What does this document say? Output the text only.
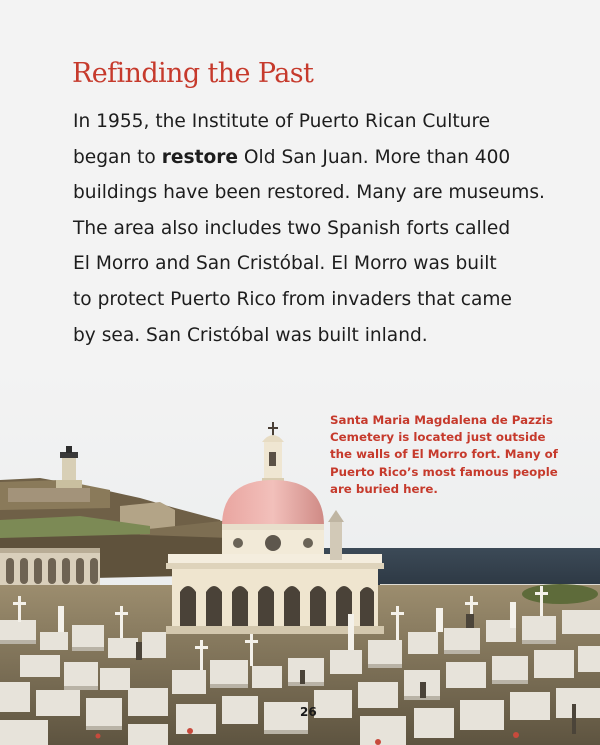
Refinding the Past

In 1955, the Institute of Puerto Rican Culture
began to restore Old San Juan. More than 400
buildings have been restored. Many are museums.
The area also includes two Spanish forts called
El Morro and San Cristóbal. El Morro was built
to protect Puerto Rico from invaders that came
by sea. San Cristóbal was built inland.

Santa Maria Magdalena de Pazzis
Cemetery is located just outside
the walls of El Morro fort. Many of
Puerto Rico’s most famous people
are buried here.

26
